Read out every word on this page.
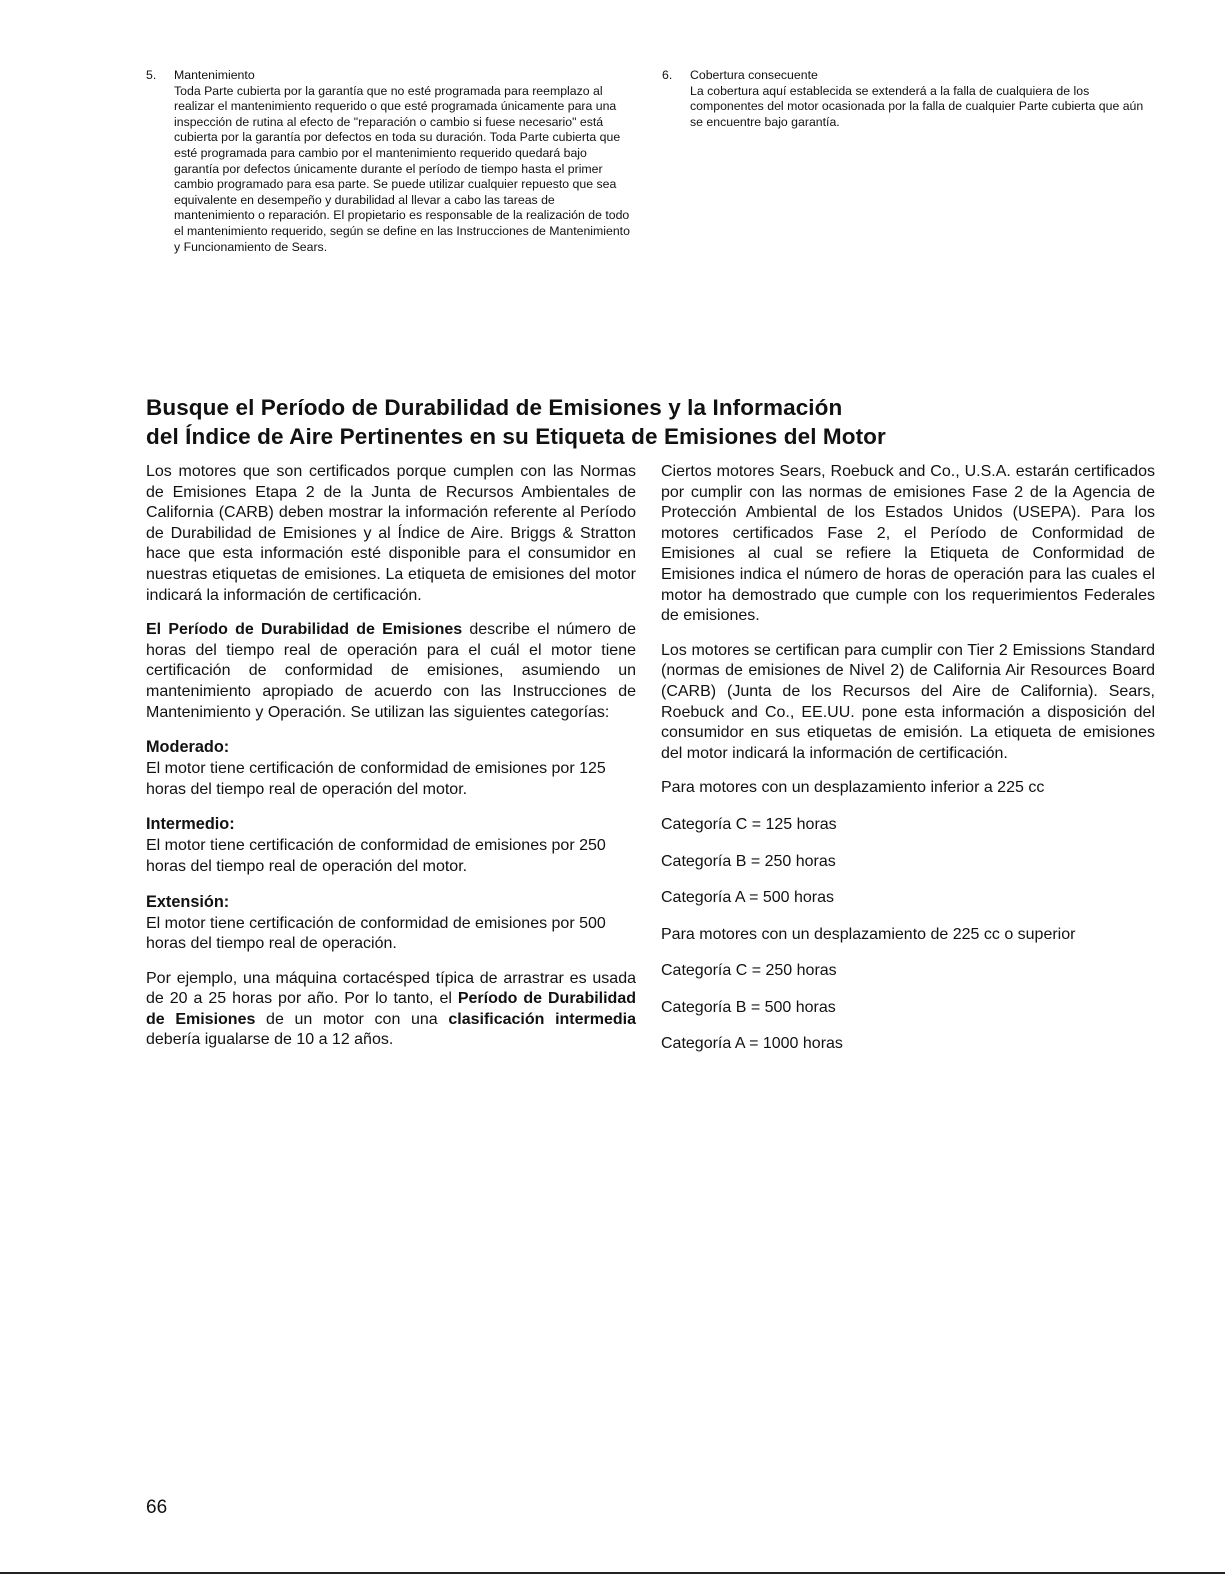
5.	Mantenimiento
Toda Parte cubierta por la garantía que no esté programada para reemplazo al realizar el mantenimiento requerido o que esté programada únicamente para una inspección de rutina al efecto de "reparación o cambio si fuese necesario" está cubierta por la garantía por defectos en toda su duración. Toda Parte cubierta que esté programada para cambio por el mantenimiento requerido quedará bajo garantía por defectos únicamente durante el período de tiempo hasta el primer cambio programado para esa parte. Se puede utilizar cualquier repuesto que sea equivalente en desempeño y durabilidad al llevar a cabo las tareas de mantenimiento o reparación. El propietario es responsable de la realización de todo el mantenimiento requerido, según se define en las Instrucciones de Mantenimiento y Funcionamiento de Sears.
6.	Cobertura consecuente
La cobertura aquí establecida se extenderá a la falla de cualquiera de los componentes del motor ocasionada por la falla de cualquier Parte cubierta que aún se encuentre bajo garantía.
Busque el Período de Durabilidad de Emisiones y la Información
del Índice de Aire Pertinentes en su Etiqueta de Emisiones del Motor

Los motores que son certificados porque cumplen con las Normas de Emisiones Etapa 2 de la Junta de Recursos Ambientales de California (CARB) deben mostrar la información referente al Período de Durabilidad de Emisiones y al Índice de Aire. Briggs & Stratton hace que esta información esté disponible para el consumidor en nuestras etiquetas de emisiones. La etiqueta de emisiones del motor indicará la información de certificación.

El Período de Durabilidad de Emisiones describe el número de horas del tiempo real de operación para el cuál el motor tiene certificación de conformidad de emisiones, asumiendo un mantenimiento apropiado de acuerdo con las Instrucciones de Mantenimiento y Operación. Se utilizan las siguientes categorías:

Moderado:

El motor tiene certificación de conformidad de emisiones por 125 horas del tiempo real de operación del motor.

Intermedio:

El motor tiene certificación de conformidad de emisiones por 250 horas del tiempo real de operación del motor.

Extensión:

El motor tiene certificación de conformidad de emisiones por 500 horas del tiempo real de operación.

Por ejemplo, una máquina cortacésped típica de arrastrar es usada de 20 a 25 horas por año. Por lo tanto, el Período de Durabilidad de Emisiones de un motor con una clasificación intermedia debería igualarse de 10 a 12 años.

Ciertos motores Sears, Roebuck and Co., U.S.A. estarán certificados por cumplir con las normas de emisiones Fase 2 de la Agencia de Protección Ambiental de los Estados Unidos (USEPA). Para los motores certificados Fase 2, el Período de Conformidad de Emisiones al cual se refiere la Etiqueta de Conformidad de Emisiones indica el número de horas de operación para las cuales el motor ha demostrado que cumple con los requerimientos Federales de emisiones.

Los motores se certifican para cumplir con Tier 2 Emissions Standard (normas de emisiones de Nivel 2) de California Air Resources Board (CARB) (Junta de los Recursos del Aire de California). Sears, Roebuck and Co., EE.UU. pone esta información a disposición del consumidor en sus etiquetas de emisión. La etiqueta de emisiones del motor indicará la información de certificación.

Para motores con un desplazamiento inferior a 225 cc

Categoría C = 125 horas

Categoría B = 250 horas

Categoría A = 500 horas

Para motores con un desplazamiento de 225 cc o superior

Categoría C = 250 horas

Categoría B = 500 horas

Categoría A = 1000 horas

66
